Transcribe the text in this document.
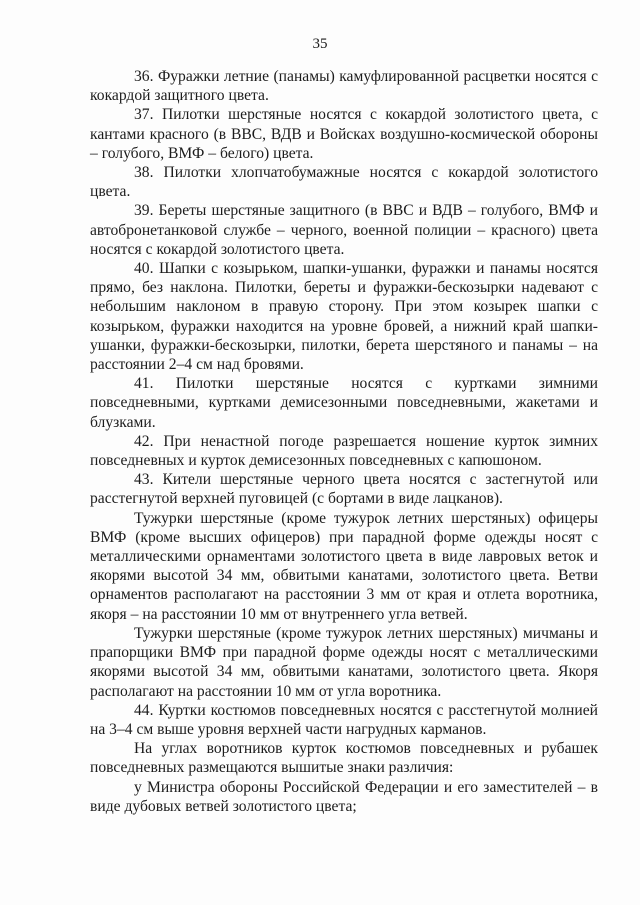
35

36. Фуражки летние (панамы) камуфлированной расцветки носятся с кокардой защитного цвета.

37. Пилотки шерстяные носятся с кокардой золотистого цвета, с кантами красного (в ВВС, ВДВ и Войсках воздушно-космической обороны – голубого, ВМФ – белого) цвета.

38. Пилотки хлопчатобумажные носятся с кокардой золотистого цвета.

39. Береты шерстяные защитного (в ВВС и ВДВ – голубого, ВМФ и автобронетанковой службе – черного, военной полиции – красного) цвета носятся с кокардой золотистого цвета.

40. Шапки с козырьком, шапки-ушанки, фуражки и панамы носятся прямо, без наклона. Пилотки, береты и фуражки-бескозырки надевают с небольшим наклоном в правую сторону. При этом козырек шапки с козырьком, фуражки находится на уровне бровей, а нижний край шапки-ушанки, фуражки-бескозырки, пилотки, берета шерстяного и панамы – на расстоянии 2–4 см над бровями.

41. Пилотки шерстяные носятся с куртками зимними повседневными, куртками демисезонными повседневными, жакетами и блузками.

42. При ненастной погоде разрешается ношение курток зимних повседневных и курток демисезонных повседневных с капюшоном.

43. Кители шерстяные черного цвета носятся с застегнутой или расстегнутой верхней пуговицей (с бортами в виде лацканов).

Тужурки шерстяные (кроме тужурок летних шерстяных) офицеры ВМФ (кроме высших офицеров) при парадной форме одежды носят с металлическими орнаментами золотистого цвета в виде лавровых веток и якорями высотой 34 мм, обвитыми канатами, золотистого цвета. Ветви орнаментов располагают на расстоянии 3 мм от края и отлета воротника, якоря – на расстоянии 10 мм от внутреннего угла ветвей.

Тужурки шерстяные (кроме тужурок летних шерстяных) мичманы и прапорщики ВМФ при парадной форме одежды носят с металлическими якорями высотой 34 мм, обвитыми канатами, золотистого цвета. Якоря располагают на расстоянии 10 мм от угла воротника.

44. Куртки костюмов повседневных носятся с расстегнутой молнией на 3–4 см выше уровня верхней части нагрудных карманов.

На углах воротников курток костюмов повседневных и рубашек повседневных размещаются вышитые знаки различия:

у Министра обороны Российской Федерации и его заместителей – в виде дубовых ветвей золотистого цвета;
